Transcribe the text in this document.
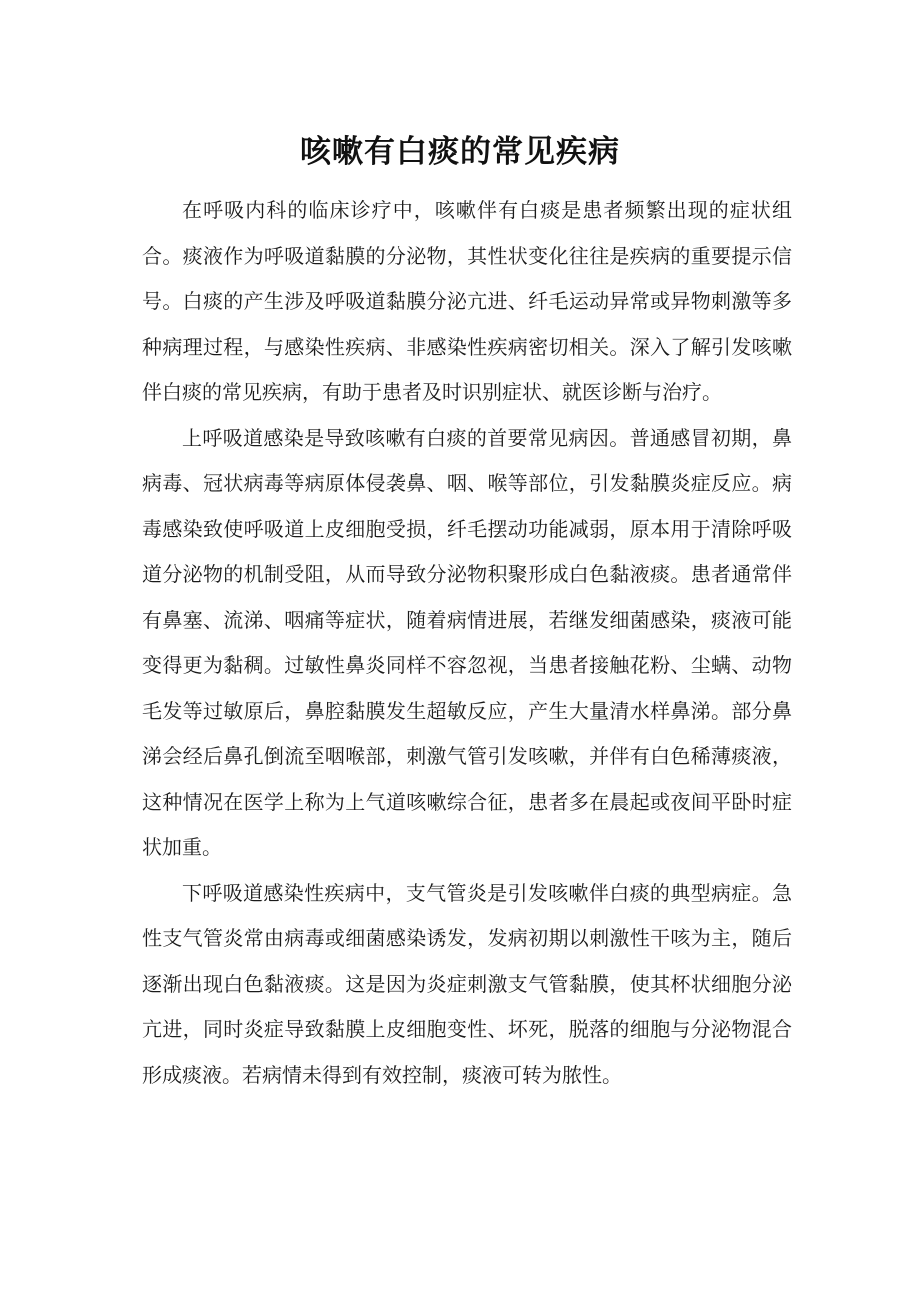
咳嗽有白痰的常见疾病

在呼吸内科的临床诊疗中，咳嗽伴有白痰是患者频繁出现的症状组合。痰液作为呼吸道黏膜的分泌物，其性状变化往往是疾病的重要提示信号。白痰的产生涉及呼吸道黏膜分泌亢进、纤毛运动异常或异物刺激等多种病理过程，与感染性疾病、非感染性疾病密切相关。深入了解引发咳嗽伴白痰的常见疾病，有助于患者及时识别症状、就医诊断与治疗。

上呼吸道感染是导致咳嗽有白痰的首要常见病因。普通感冒初期，鼻病毒、冠状病毒等病原体侵袭鼻、咽、喉等部位，引发黏膜炎症反应。病毒感染致使呼吸道上皮细胞受损，纤毛摆动功能减弱，原本用于清除呼吸道分泌物的机制受阻，从而导致分泌物积聚形成白色黏液痰。患者通常伴有鼻塞、流涕、咽痛等症状，随着病情进展，若继发细菌感染，痰液可能变得更为黏稠。过敏性鼻炎同样不容忽视，当患者接触花粉、尘螨、动物毛发等过敏原后，鼻腔黏膜发生超敏反应，产生大量清水样鼻涕。部分鼻涕会经后鼻孔倒流至咽喉部，刺激气管引发咳嗽，并伴有白色稀薄痰液，这种情况在医学上称为上气道咳嗽综合征，患者多在晨起或夜间平卧时症状加重。

下呼吸道感染性疾病中，支气管炎是引发咳嗽伴白痰的典型病症。急性支气管炎常由病毒或细菌感染诱发，发病初期以刺激性干咳为主，随后逐渐出现白色黏液痰。这是因为炎症刺激支气管黏膜，使其杯状细胞分泌亢进，同时炎症导致黏膜上皮细胞变性、坏死，脱落的细胞与分泌物混合形成痰液。若病情未得到有效控制，痰液可转为脓性。
